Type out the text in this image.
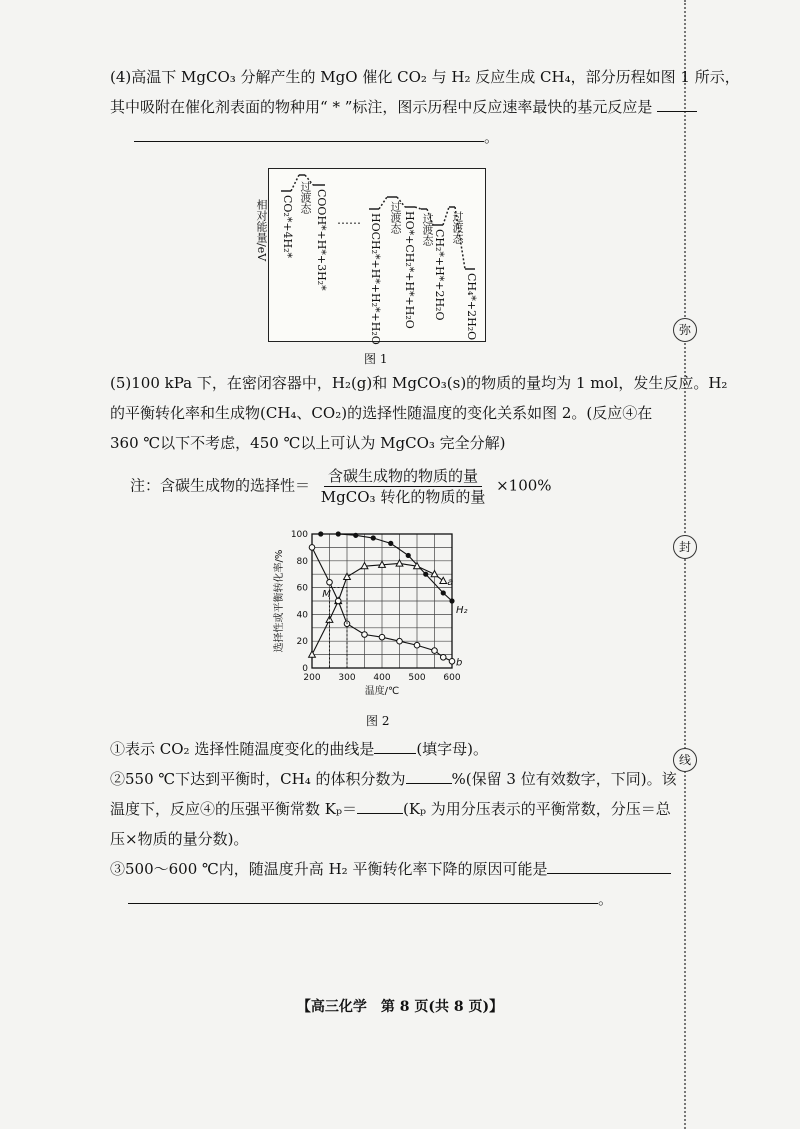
弥
封
线
(4)高温下 MgCO₃ 分解产生的 MgO 催化 CO₂ 与 H₂ 反应生成 CH₄，部分历程如图 1 所示，
其中吸附在催化剂表面的物种用“ * ”标注，图示历程中反应速率最快的基元反应是
。
相对能量/eV CO₂*+4H₂* 过渡态 COOH*+H*+3H₂* …… HOCH₂*+H*+H₂*+H₂O 过渡态 HO*+CH₂*+H*+H₂O 过渡态 CH₂*+H*+2H₂O
过渡态
CH₄*+2H₂O
图 1
(5)100 kPa 下，在密闭容器中，H₂(g)和 MgCO₃(s)的物质的量均为 1 mol，发生反应。H₂
的平衡转化率和生成物(CH₄、CO₂)的选择性随温度的变化关系如图 2。(反应④在
360 ℃以下不考虑，450 ℃以上可认为 MgCO₃ 完全分解)
注：含碳生成物的选择性＝ $\frac{\text{含碳生成物的物质的量}}{\text{MgCO₃ 转化的物质的量}} \times 100\%$
0
20
40
60
80
100
200 300 400 500 600
温度/℃
选择性或平衡转化率/%	H₂
a
b
M
图 2
①表示 CO₂ 选择性随温度变化的曲线是	(填字母)。
②550 ℃下达到平衡时，CH₄ 的体积分数为	%(保留 3 位有效数字，下同)。该
温度下，反应④的压强平衡常数 Kₚ＝	(Kₚ 为用分压表示的平衡常数，分压＝总
压×物质的量分数)。
③500～600 ℃内，随温度升高 H₂ 平衡转化率下降的原因可能是
。
【高三化学　第 8 页(共 8 页)】
